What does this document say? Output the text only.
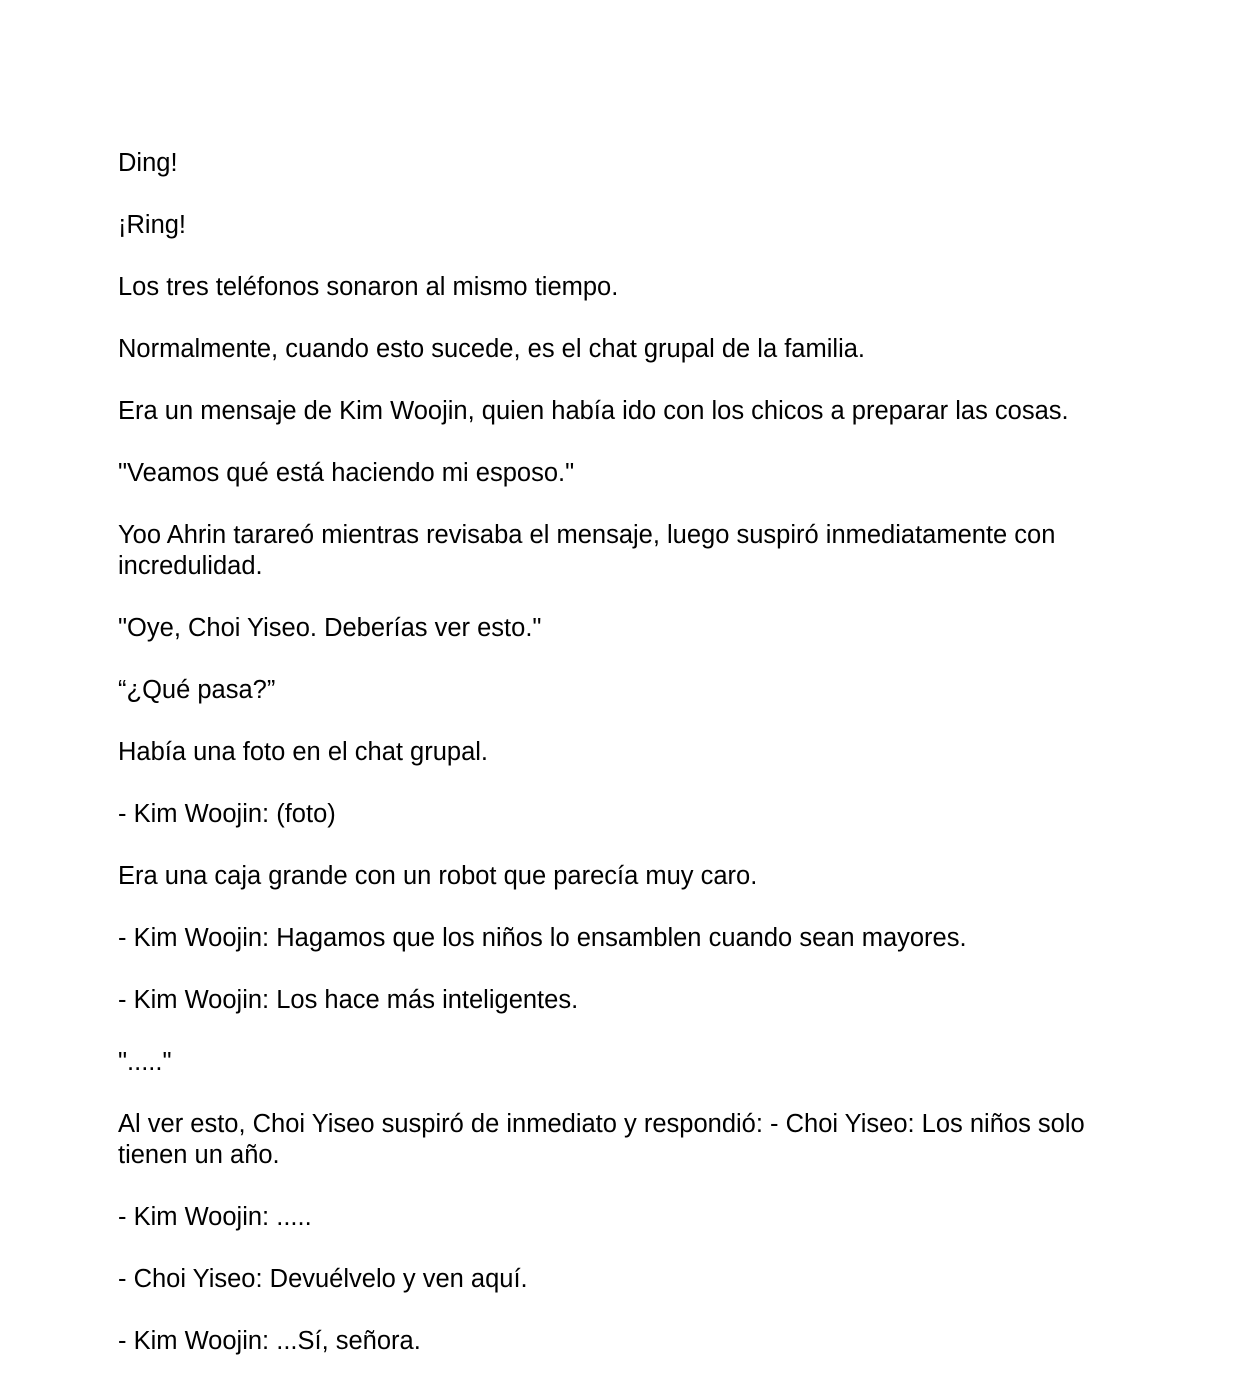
Ding!

¡Ring!

Los tres teléfonos sonaron al mismo tiempo.

Normalmente, cuando esto sucede, es el chat grupal de la familia.

Era un mensaje de Kim Woojin, quien había ido con los chicos a preparar las cosas.

"Veamos qué está haciendo mi esposo."

Yoo Ahrin tarareó mientras revisaba el mensaje, luego suspiró inmediatamente con incredulidad.

"Oye, Choi Yiseo. Deberías ver esto."

“¿Qué pasa?”

Había una foto en el chat grupal.

- Kim Woojin: (foto)

Era una caja grande con un robot que parecía muy caro.

- Kim Woojin: Hagamos que los niños lo ensamblen cuando sean mayores.

- Kim Woojin: Los hace más inteligentes.

"....."

Al ver esto, Choi Yiseo suspiró de inmediato y respondió: - Choi Yiseo: Los niños solo tienen un año.

- Kim Woojin: .....

- Choi Yiseo: Devuélvelo y ven aquí.

- Kim Woojin: ...Sí, señora.
